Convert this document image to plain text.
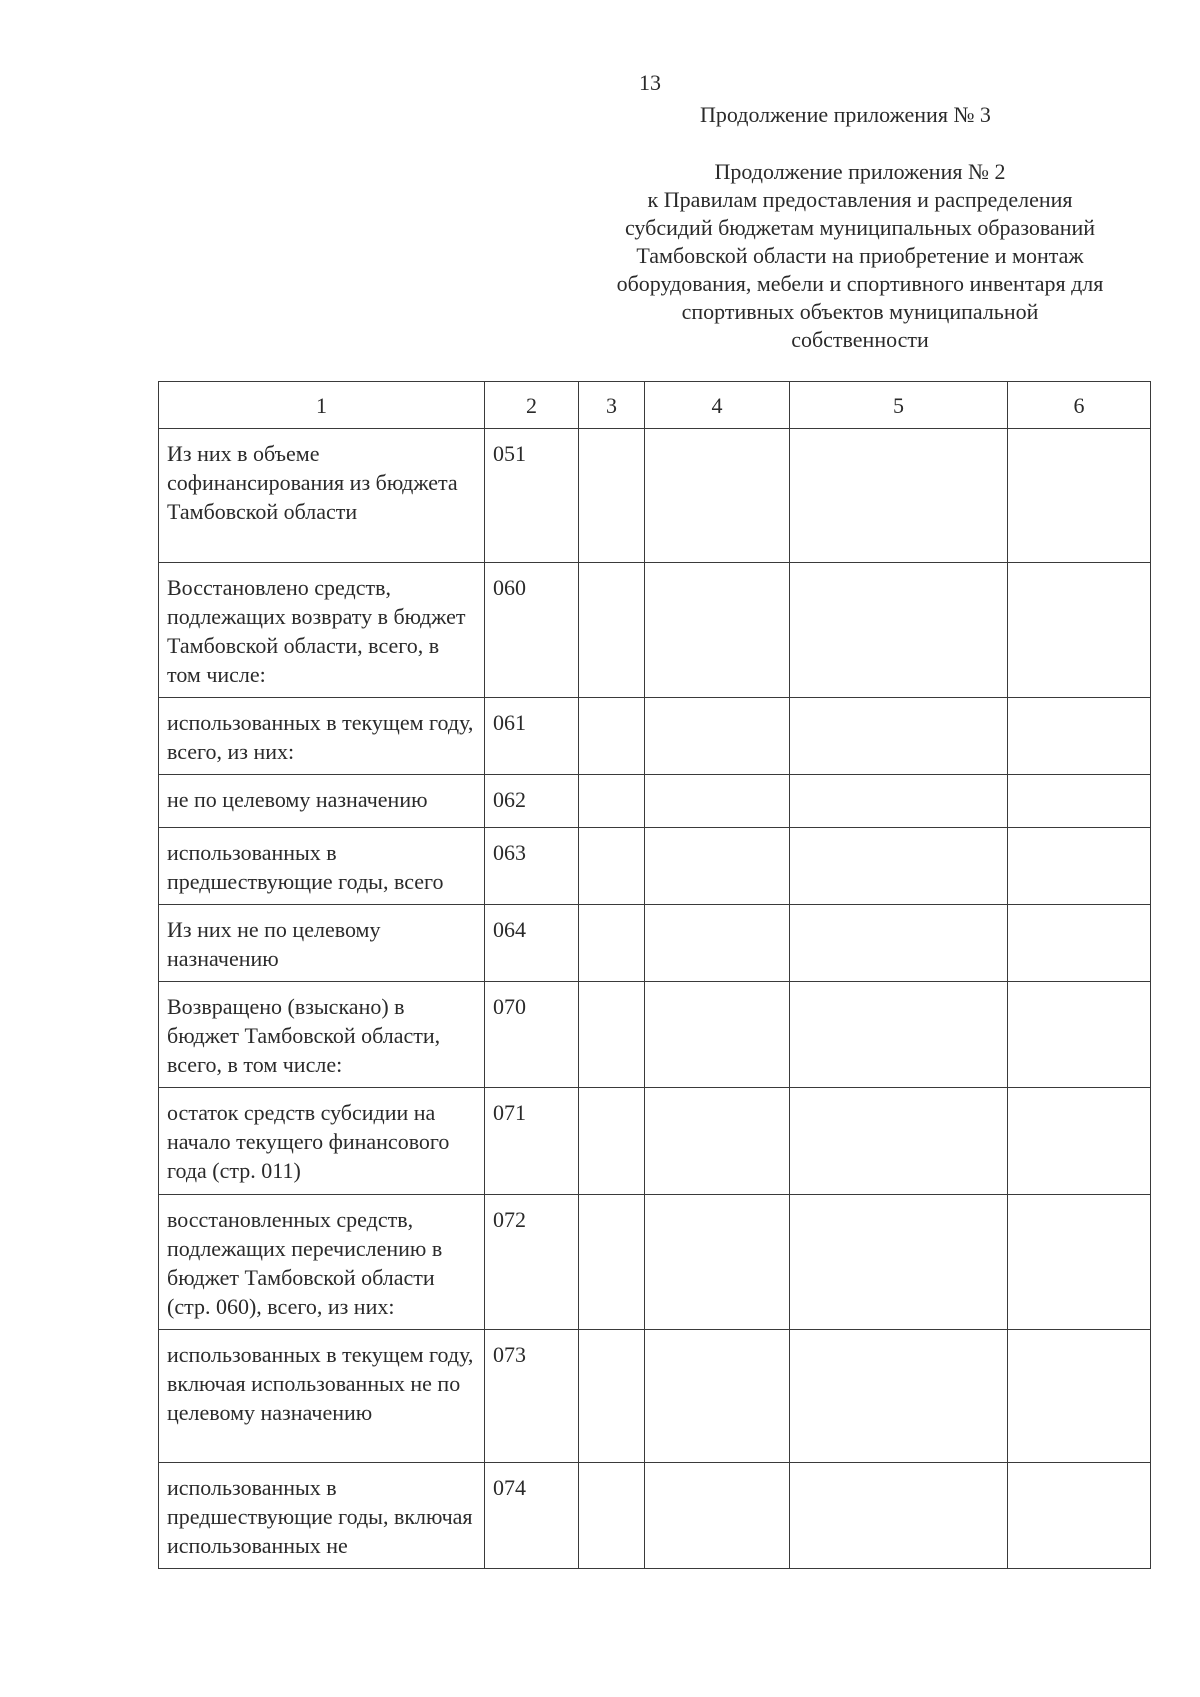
13
Продолжение приложения № 3
Продолжение приложения № 2
к Правилам предоставления и распределения
субсидий бюджетам муниципальных образований
Тамбовской области на приобретение и монтаж
оборудования, мебели и спортивного инвентаря для
спортивных объектов муниципальной
собственности
1	2	3	4	5	6
Из них в объеме софинансирования из бюджета Тамбовской области	051				
Восстановлено средств, подлежащих возврату в бюджет Тамбовской области, всего, в том числе:	060				
использованных в текущем году, всего, из них:	061				
не по целевому назначению	062				
использованных в предшествующие годы, всего	063				
Из них не по целевому назначению	064				
Возвращено (взыскано) в бюджет Тамбовской области, всего, в том числе:	070				
остаток средств субсидии на начало текущего финансового года (стр. 011)	071				
восстановленных средств, подлежащих перечислению в бюджет Тамбовской области (стр. 060), всего, из них:	072				
использованных в текущем году, включая использованных не по целевому назначению	073				
использованных в предшествующие годы, включая использованных не	074				
